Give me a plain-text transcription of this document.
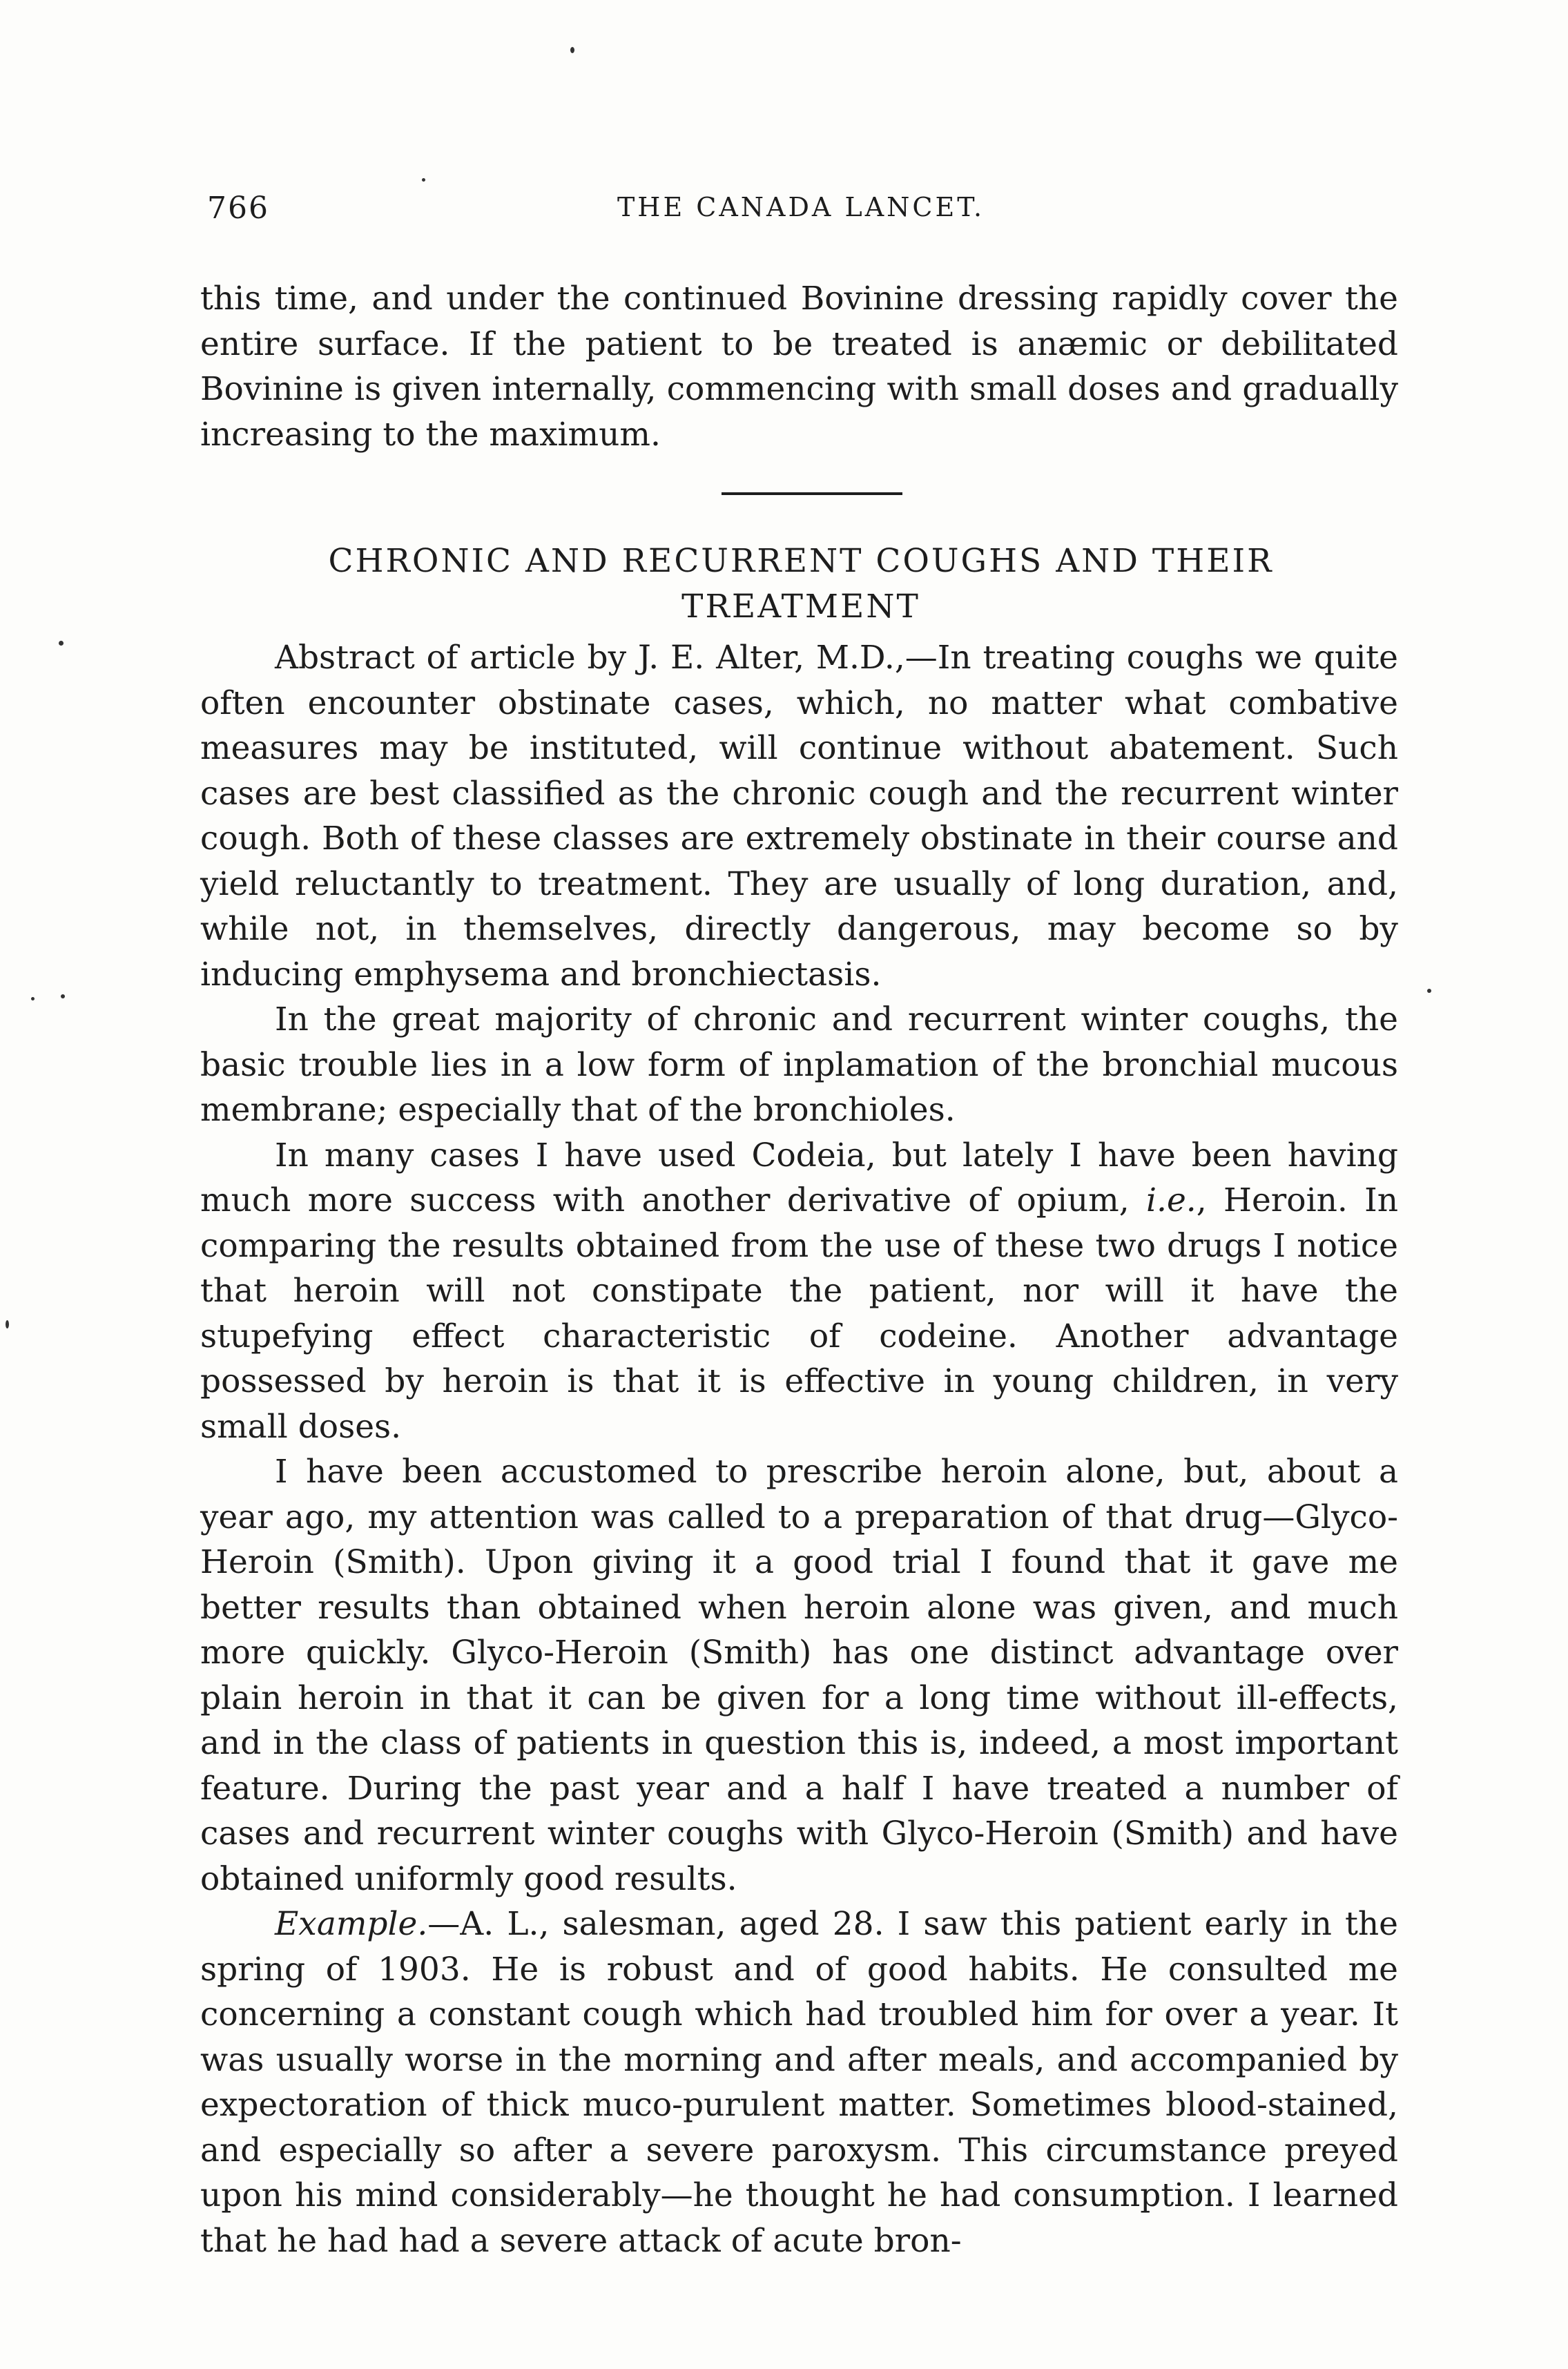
766	THE CANADA LANCET.

this time, and under the continued Bovinine dressing rapidly cover the entire surface. If the patient to be treated is anæmic or debilitated Bovinine is given internally, commencing with small doses and gradually increasing to the maximum.

CHRONIC AND RECURRENT COUGHS AND THEIR TREATMENT

Abstract of article by J. E. Alter, M.D.,—In treating coughs we quite often encounter obstinate cases, which, no matter what combative measures may be instituted, will continue without abatement. Such cases are best classified as the chronic cough and the recurrent winter cough. Both of these classes are extremely obstinate in their course and yield reluctantly to treatment. They are usually of long duration, and, while not, in themselves, directly dangerous, may become so by inducing emphysema and bronchiectasis.

In the great majority of chronic and recurrent winter coughs, the basic trouble lies in a low form of inplamation of the bronchial mucous membrane; especially that of the bronchioles.

In many cases I have used Codeia, but lately I have been having much more success with another derivative of opium, i.e., Heroin. In comparing the results obtained from the use of these two drugs I notice that heroin will not constipate the patient, nor will it have the stupefying effect characteristic of codeine. Another advantage possessed by heroin is that it is effective in young children, in very small doses.

I have been accustomed to prescribe heroin alone, but, about a year ago, my attention was called to a preparation of that drug—Glyco-Heroin (Smith). Upon giving it a good trial I found that it gave me better results than obtained when heroin alone was given, and much more quickly. Glyco-Heroin (Smith) has one distinct advantage over plain heroin in that it can be given for a long time without ill-effects, and in the class of patients in question this is, indeed, a most important feature. During the past year and a half I have treated a number of cases and recurrent winter coughs with Glyco-Heroin (Smith) and have obtained uniformly good results.

Example.—A. L., salesman, aged 28. I saw this patient early in the spring of 1903. He is robust and of good habits. He consulted me concerning a constant cough which had troubled him for over a year. It was usually worse in the morning and after meals, and accompanied by expectoration of thick muco-purulent matter. Sometimes blood-stained, and especially so after a severe paroxysm. This circumstance preyed upon his mind considerably—he thought he had consumption. I learned that he had had a severe attack of acute bron-
